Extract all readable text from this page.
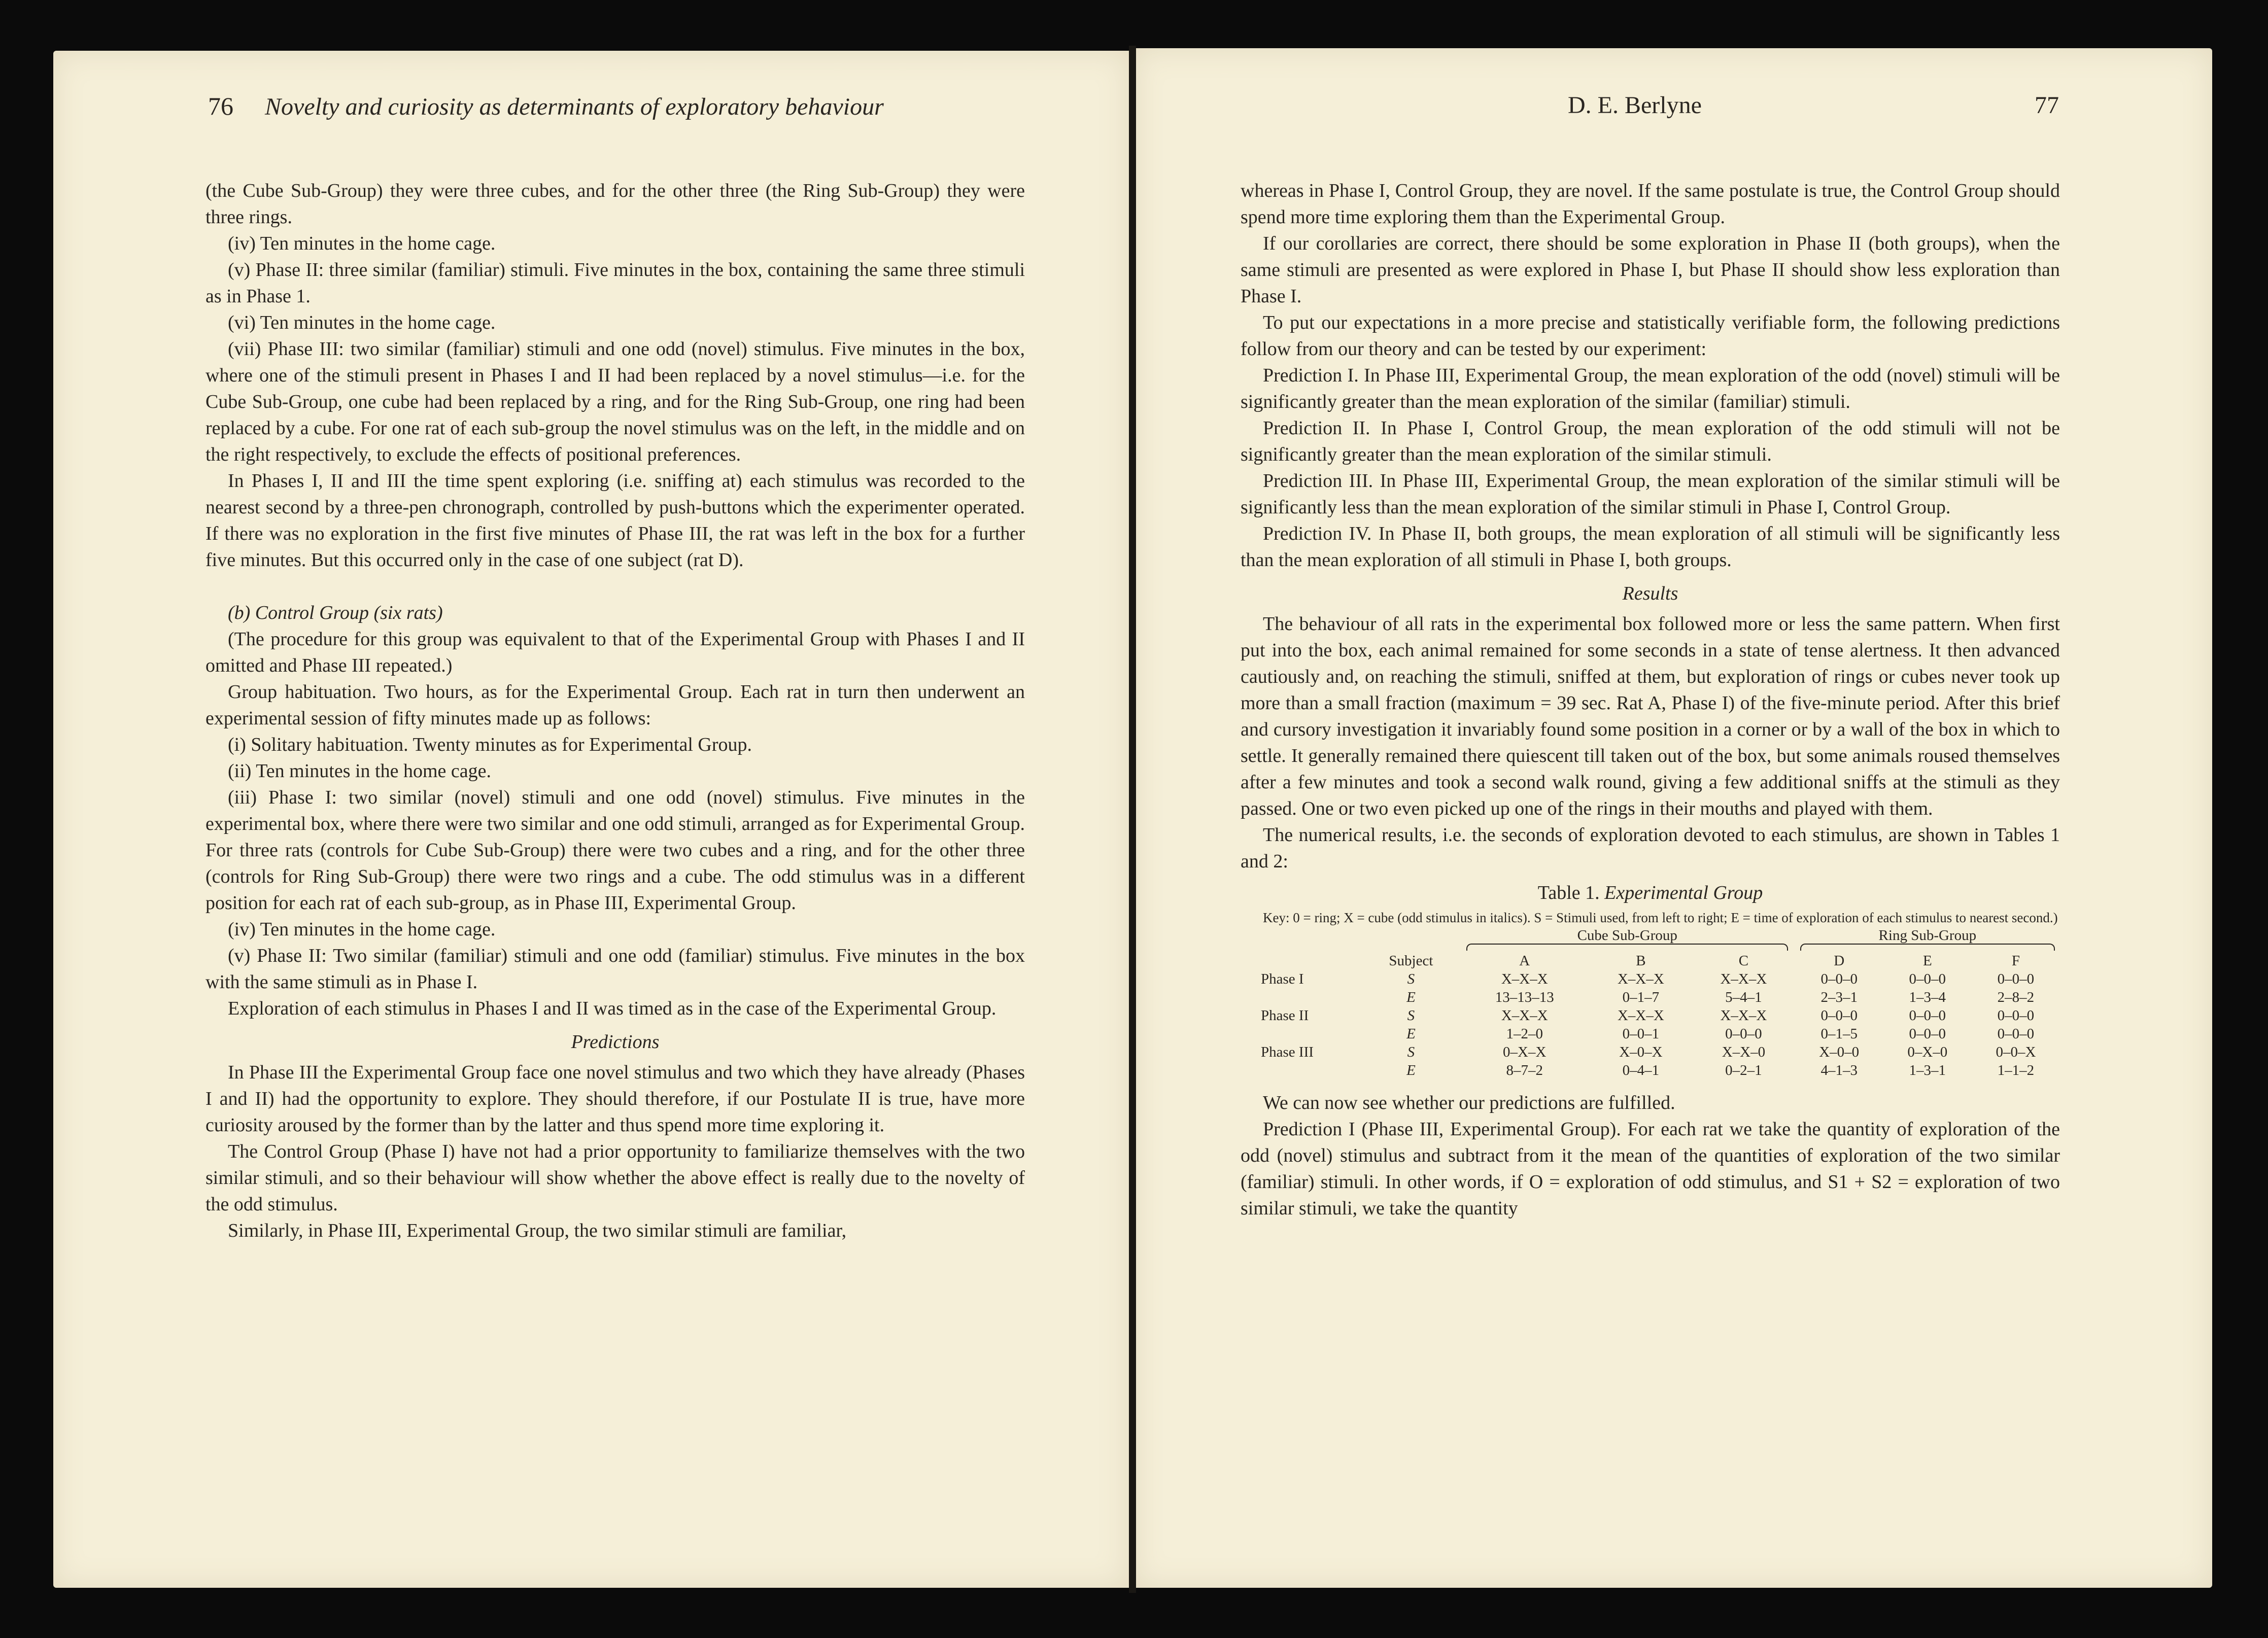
76 Novelty and curiosity as determinants of exploratory behaviour	D. E. Berlyne	77

(the Cube Sub-Group) they were three cubes, and for the other three (the Ring Sub-Group) they were three rings.

(iv) Ten minutes in the home cage.

(v) Phase II: three similar (familiar) stimuli. Five minutes in the box, containing the same three stimuli as in Phase 1.

(vi) Ten minutes in the home cage.

(vii) Phase III: two similar (familiar) stimuli and one odd (novel) stimulus. Five minutes in the box, where one of the stimuli present in Phases I and II had been replaced by a novel stimulus—i.e. for the Cube Sub-Group, one cube had been replaced by a ring, and for the Ring Sub-Group, one ring had been replaced by a cube. For one rat of each sub-group the novel stimulus was on the left, in the middle and on the right respectively, to exclude the effects of positional preferences.

In Phases I, II and III the time spent exploring (i.e. sniffing at) each stimulus was recorded to the nearest second by a three-pen chronograph, controlled by push-buttons which the experimenter operated. If there was no exploration in the first five minutes of Phase III, the rat was left in the box for a further five minutes. But this occurred only in the case of one subject (rat D).

(b) Control Group (six rats)

(The procedure for this group was equivalent to that of the Experimental Group with Phases I and II omitted and Phase III repeated.)

Group habituation. Two hours, as for the Experimental Group. Each rat in turn then underwent an experimental session of fifty minutes made up as follows:

(i) Solitary habituation. Twenty minutes as for Experimental Group.

(ii) Ten minutes in the home cage.

(iii) Phase I: two similar (novel) stimuli and one odd (novel) stimulus. Five minutes in the experimental box, where there were two similar and one odd stimuli, arranged as for Experimental Group. For three rats (controls for Cube Sub-Group) there were two cubes and a ring, and for the other three (controls for Ring Sub-Group) there were two rings and a cube. The odd stimulus was in a different position for each rat of each sub-group, as in Phase III, Experimental Group.

(iv) Ten minutes in the home cage.

(v) Phase II: Two similar (familiar) stimuli and one odd (familiar) stimulus. Five minutes in the box with the same stimuli as in Phase I.

Exploration of each stimulus in Phases I and II was timed as in the case of the Experimental Group.

Predictions

In Phase III the Experimental Group face one novel stimulus and two which they have already (Phases I and II) had the opportunity to explore. They should therefore, if our Postulate II is true, have more curiosity aroused by the former than by the latter and thus spend more time exploring it.

The Control Group (Phase I) have not had a prior opportunity to familiarize themselves with the two similar stimuli, and so their behaviour will show whether the above effect is really due to the novelty of the odd stimulus.

Similarly, in Phase III, Experimental Group, the two similar stimuli are familiar,

whereas in Phase I, Control Group, they are novel. If the same postulate is true, the Control Group should spend more time exploring them than the Experimental Group.

If our corollaries are correct, there should be some exploration in Phase II (both groups), when the same stimuli are presented as were explored in Phase I, but Phase II should show less exploration than Phase I.

To put our expectations in a more precise and statistically verifiable form, the following predictions follow from our theory and can be tested by our experiment:

Prediction I. In Phase III, Experimental Group, the mean exploration of the odd (novel) stimuli will be significantly greater than the mean exploration of the similar (familiar) stimuli.

Prediction II. In Phase I, Control Group, the mean exploration of the odd stimuli will not be significantly greater than the mean exploration of the similar stimuli.

Prediction III. In Phase III, Experimental Group, the mean exploration of the similar stimuli will be significantly less than the mean exploration of the similar stimuli in Phase I, Control Group.

Prediction IV. In Phase II, both groups, the mean exploration of all stimuli will be significantly less than the mean exploration of all stimuli in Phase I, both groups.

Results

The behaviour of all rats in the experimental box followed more or less the same pattern. When first put into the box, each animal remained for some seconds in a state of tense alertness. It then advanced cautiously and, on reaching the stimuli, sniffed at them, but exploration of rings or cubes never took up more than a small fraction (maximum = 39 sec. Rat A, Phase I) of the five-minute period. After this brief and cursory investigation it invariably found some position in a corner or by a wall of the box in which to settle. It generally remained there quiescent till taken out of the box, but some animals roused themselves after a few minutes and took a second walk round, giving a few additional sniffs at the stimuli as they passed. One or two even picked up one of the rings in their mouths and played with them.

The numerical results, i.e. the seconds of exploration devoted to each stimulus, are shown in Tables 1 and 2:

Table 1. Experimental Group

Key: 0 = ring; X = cube (odd stimulus in italics). S = Stimuli used, from left to right; E = time of exploration of each stimulus to nearest second.)

		Cube Sub-Group			Ring Sub-Group		

	Subject	A	B	C	D	E	F
Phase I	S	X–X–X	X–X–X	X–X–X	0–0–0	0–0–0	0–0–0
	E	13–13–13	0–1–7	5–4–1	2–3–1	1–3–4	2–8–2
Phase II	S	X–X–X	X–X–X	X–X–X	0–0–0	0–0–0	0–0–0
	E	1–2–0	0–0–1	0–0–0	0–1–5	0–0–0	0–0–0
Phase III	S	0–X–X	X–0–X	X–X–0	X–0–0	0–X–0	0–0–X
	E	8–7–2	0–4–1	0–2–1	4–1–3	1–3–1	1–1–2

We can now see whether our predictions are fulfilled.

Prediction I (Phase III, Experimental Group). For each rat we take the quantity of exploration of the odd (novel) stimulus and subtract from it the mean of the quantities of exploration of the two similar (familiar) stimuli. In other words, if O = exploration of odd stimulus, and S1 + S2 = exploration of two similar stimuli, we take the quantity
